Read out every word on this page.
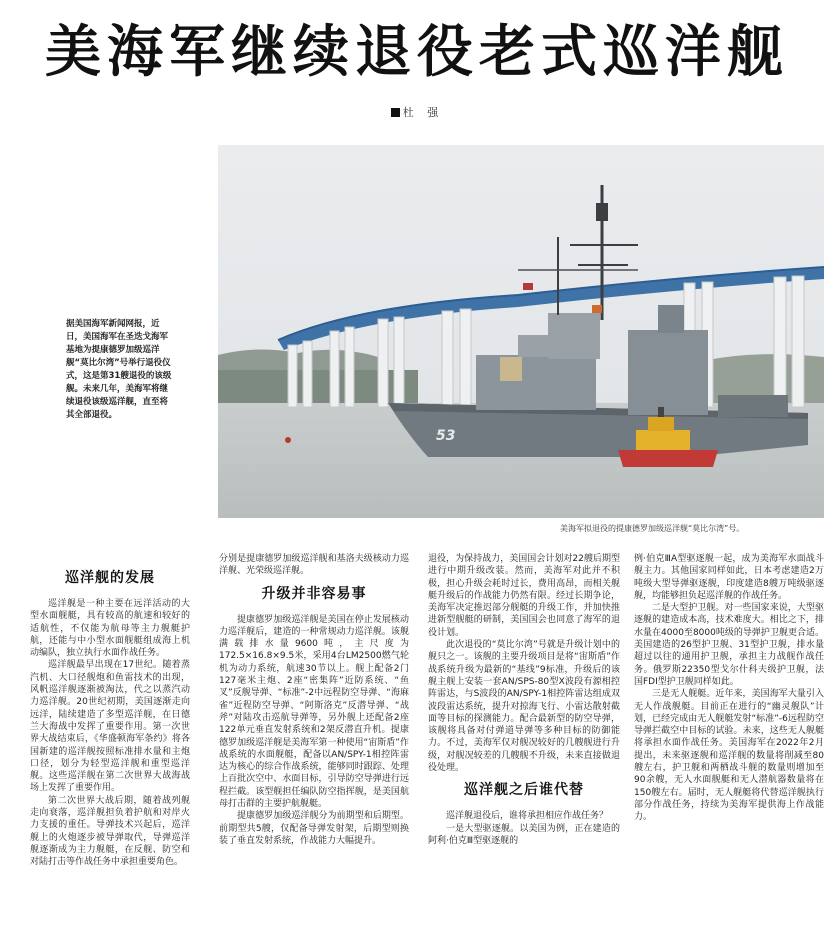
美海军继续退役老式巡洋舰
杜 强
53
美海军拟退役的提康德罗加级巡洋舰“莫比尔湾”号。
据美国海军新闻网报，近日，美国海军在圣迭戈海军基地为提康德罗加级巡洋舰“莫比尔湾”号举行退役仪式，这是第31艘退役的该级舰。未来几年，美海军将继续退役该级巡洋舰，直至将其全部退役。
巡洋舰的发展

巡洋舰是一种主要在远洋活动的大型水面舰艇，具有较高的航速和较好的适航性，不仅能为航母等主力舰艇护航，还能与中小型水面舰艇组成海上机动编队，独立执行水面作战任务。

巡洋舰最早出现在17世纪。随着蒸汽机、大口径舰炮和鱼雷技术的出现，风帆巡洋舰逐渐被淘汰，代之以蒸汽动力巡洋舰。20世纪初期，美国逐渐走向远洋，陆续建造了多型巡洋舰，在日德兰大海战中发挥了重要作用。第一次世界大战结束后，《华盛顿海军条约》将各国新建的巡洋舰按照标准排水量和主炮口径，划分为轻型巡洋舰和重型巡洋舰。这些巡洋舰在第二次世界大战海战场上发挥了重要作用。

第二次世界大战后期，随着战列舰走向衰落，巡洋舰担负着护航和对岸火力支援的重任。导弹技术兴起后，巡洋舰上的火炮逐步被导弹取代，导弹巡洋舰逐渐成为主力舰艇，在反舰、防空和对陆打击等作战任务中承担重要角色。

分别是提康德罗加级巡洋舰和基洛夫级核动力巡洋舰、光荣级巡洋舰。

升级并非容易事

提康德罗加级巡洋舰是美国在停止发展核动力巡洋舰后，建造的一种常规动力巡洋舰。该舰满载排水量9600吨，主尺度为172.5×16.8×9.5米，采用4台LM2500燃气轮机为动力系统，航速30节以上。舰上配备2门127毫米主炮、2座“密集阵”近防系统、“鱼叉”反舰导弹、“标准”-2中远程防空导弹、“海麻雀”近程防空导弹、“阿斯洛克”反潜导弹、“战斧”对陆攻击巡航导弹等，另外舰上还配备2座122单元垂直发射系统和2架反潜直升机。提康德罗加级巡洋舰是美海军第一种使用“宙斯盾”作战系统的水面舰艇，配备以AN/SPY-1相控阵雷达为核心的综合作战系统，能够同时跟踪、处理上百批次空中、水面目标，引导防空导弹进行远程拦截。该型舰担任编队防空指挥舰，是美国航母打击群的主要护航舰艇。

提康德罗加级巡洋舰分为前期型和后期型。前期型共5艘，仅配备导弹发射架，后期型则换装了垂直发射系统，作战能力大幅提升。

退役，为保持战力，美国国会计划对22艘后期型进行中期升级改装。然而，美海军对此并不积极，担心升级会耗时过长，费用高昂，而相关舰艇升级后的作战能力仍然有限。经过长期争论，美海军决定推迟部分舰艇的升级工作，并加快推进新型舰艇的研制，美国国会也同意了海军的退役计划。

此次退役的“莫比尔湾”号就是升级计划中的舰只之一。该舰的主要升级项目是将“宙斯盾”作战系统升级为最新的“基线”9标准，升级后的该舰主舰上安装一套AN/SPS-80型X波段有源相控阵雷达，与S波段的AN/SPY-1相控阵雷达组成双波段雷达系统，提升对掠海飞行、小雷达散射截面等目标的探测能力。配合最新型的防空导弹，该舰将具备对付弹道导弹等多种目标的防御能力。不过，美海军仅对舰况较好的几艘舰进行升级，对舰况较差的几艘舰不升级，未来直接做退役处理。

巡洋舰之后谁代替

巡洋舰退役后，谁将承担相应作战任务？

一是大型驱逐舰。以美国为例，正在建造的阿利·伯克Ⅲ型驱逐舰的

例·伯克ⅢA型驱逐舰一起，成为美海军水面战斗舰主力。其他国家同样如此，日本考虑建造2万吨级大型导弹驱逐舰，印度建造8艘万吨级驱逐舰，均能够担负起巡洋舰的作战任务。

二是大型护卫舰。对一些国家来说，大型驱逐舰的建造成本高，技术难度大。相比之下，排水量在4000至8000吨级的导弹护卫舰更合适。美国建造的26型护卫舰、31型护卫舰，排水量超过以往的通用护卫舰，承担主力战舰作战任务。俄罗斯22350型戈尔什科夫级护卫舰，法国FDI型护卫舰同样如此。

三是无人舰艇。近年来，美国海军大量引入无人作战舰艇。目前正在进行的“幽灵舰队”计划，已经完成由无人舰艇发射“标准”-6远程防空导弹拦截空中目标的试验。未来，这些无人舰艇将承担水面作战任务。美国海军在2022年2月提出，未来驱逐舰和巡洋舰的数量将削减至80艘左右，护卫舰和两栖战斗舰的数量则增加至90余艘，无人水面舰艇和无人潜航器数量将在150艘左右。届时，无人舰艇将代替巡洋舰执行部分作战任务，持续为美海军提供海上作战能力。
